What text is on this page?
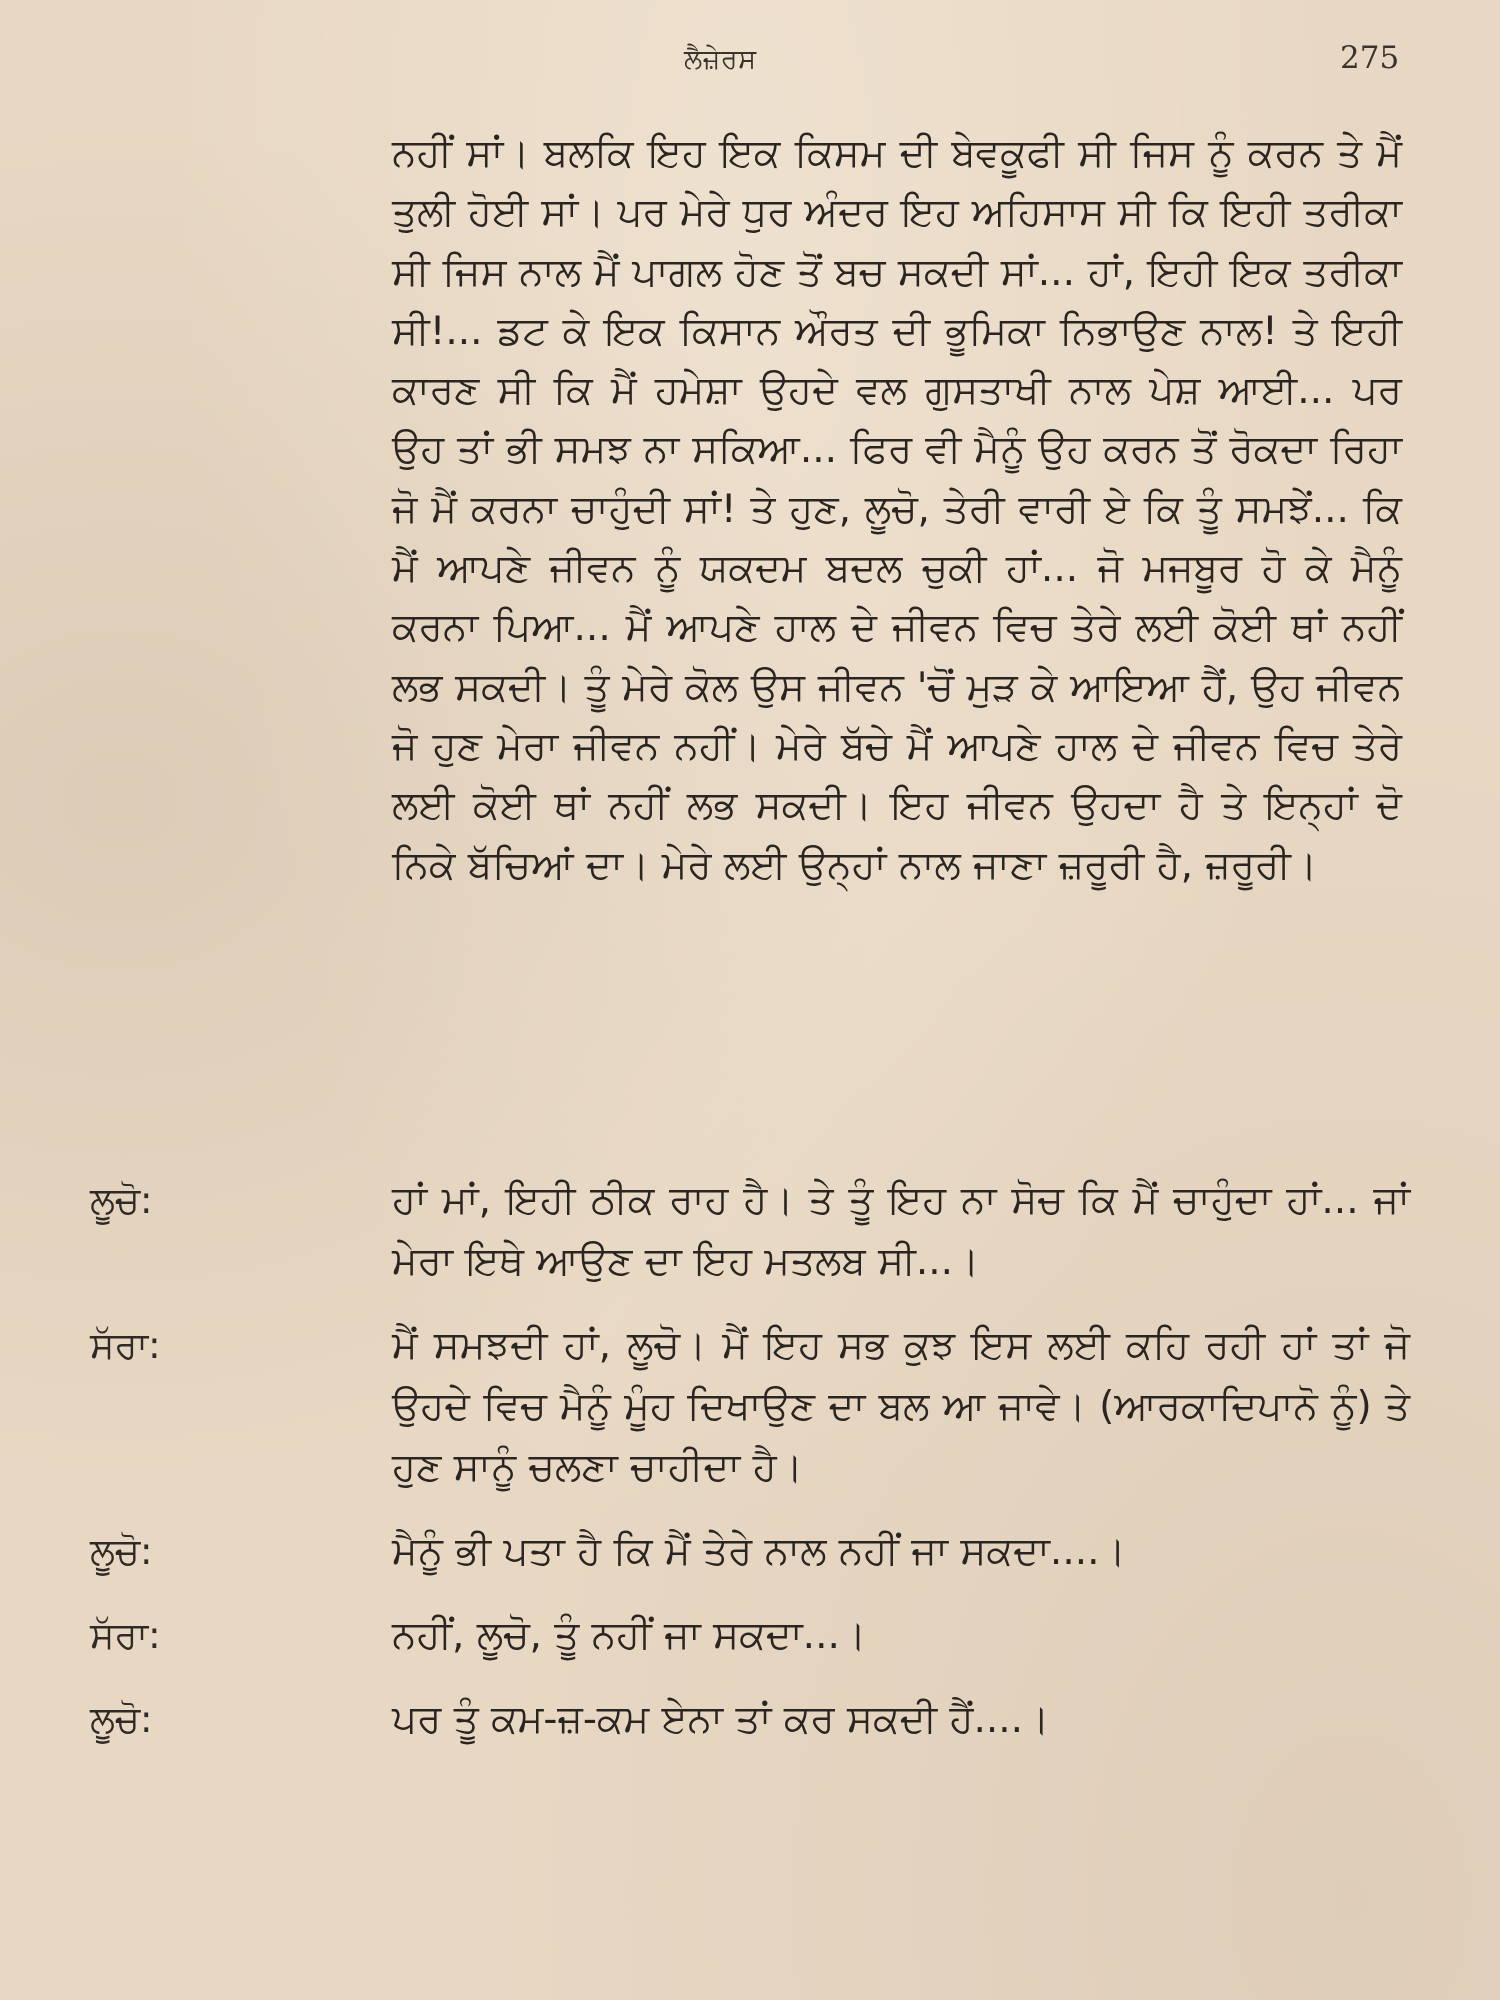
ਲੈਜ਼ੇਰਸ	275
ਨਹੀਂ ਸਾਂ। ਬਲਕਿ ਇਹ ਇਕ ਕਿਸਮ ਦੀ ਬੇਵਕੂਫੀ ਸੀ ਜਿਸ ਨੂੰ ਕਰਨ ਤੇ ਮੈਂ ਤੁਲੀ ਹੋਈ ਸਾਂ। ਪਰ ਮੇਰੇ ਧੁਰ ਅੰਦਰ ਇਹ ਅਹਿਸਾਸ ਸੀ ਕਿ ਇਹੀ ਤਰੀਕਾ ਸੀ ਜਿਸ ਨਾਲ ਮੈਂ ਪਾਗਲ ਹੋਣ ਤੋਂ ਬਚ ਸਕਦੀ ਸਾਂ... ਹਾਂ, ਇਹੀ ਇਕ ਤਰੀਕਾ ਸੀ!... ਡਟ ਕੇ ਇਕ ਕਿਸਾਨ ਔਰਤ ਦੀ ਭੂਮਿਕਾ ਨਿਭਾਉਣ ਨਾਲ! ਤੇ ਇਹੀ ਕਾਰਣ ਸੀ ਕਿ ਮੈਂ ਹਮੇਸ਼ਾ ਉਹਦੇ ਵਲ ਗੁਸਤਾਖੀ ਨਾਲ ਪੇਸ਼ ਆਈ... ਪਰ ਉਹ ਤਾਂ ਭੀ ਸਮਝ ਨਾ ਸਕਿਆ... ਫਿਰ ਵੀ ਮੈਨੂੰ ਉਹ ਕਰਨ ਤੋਂ ਰੋਕਦਾ ਰਿਹਾ ਜੋ ਮੈਂ ਕਰਨਾ ਚਾਹੁੰਦੀ ਸਾਂ! ਤੇ ਹੁਣ, ਲੂਚੋ, ਤੇਰੀ ਵਾਰੀ ਏ ਕਿ ਤੂੰ ਸਮਝੇਂ... ਕਿ ਮੈਂ ਆਪਣੇ ਜੀਵਨ ਨੂੰ ਯਕਦਮ ਬਦਲ ਚੁਕੀ ਹਾਂ... ਜੋ ਮਜਬੂਰ ਹੋ ਕੇ ਮੈਨੂੰ ਕਰਨਾ ਪਿਆ... ਮੈਂ ਆਪਣੇ ਹਾਲ ਦੇ ਜੀਵਨ ਵਿਚ ਤੇਰੇ ਲਈ ਕੋਈ ਥਾਂ ਨਹੀਂ ਲਭ ਸਕਦੀ। ਤੂੰ ਮੇਰੇ ਕੋਲ ਉਸ ਜੀਵਨ 'ਚੋਂ ਮੁੜ ਕੇ ਆਇਆ ਹੈਂ, ਉਹ ਜੀਵਨ ਜੋ ਹੁਣ ਮੇਰਾ ਜੀਵਨ ਨਹੀਂ। ਮੇਰੇ ਬੱਚੇ ਮੈਂ ਆਪਣੇ ਹਾਲ ਦੇ ਜੀਵਨ ਵਿਚ ਤੇਰੇ ਲਈ ਕੋਈ ਥਾਂ ਨਹੀਂ ਲਭ ਸਕਦੀ। ਇਹ ਜੀਵਨ ਉਹਦਾ ਹੈ ਤੇ ਇਨ੍ਹਾਂ ਦੋ ਨਿਕੇ ਬੱਚਿਆਂ ਦਾ। ਮੇਰੇ ਲਈ ਉਨ੍ਹਾਂ ਨਾਲ ਜਾਣਾ ਜ਼ਰੂਰੀ ਹੈ, ਜ਼ਰੂਰੀ।
ਲੂਚੋ:	ਹਾਂ ਮਾਂ, ਇਹੀ ਠੀਕ ਰਾਹ ਹੈ। ਤੇ ਤੂੰ ਇਹ ਨਾ ਸੋਚ ਕਿ ਮੈਂ ਚਾਹੁੰਦਾ ਹਾਂ... ਜਾਂ ਮੇਰਾ ਇਥੇ ਆਉਣ ਦਾ ਇਹ ਮਤਲਬ ਸੀ...।
ਸੱਰਾ:	ਮੈਂ ਸਮਝਦੀ ਹਾਂ, ਲੂਚੋ। ਮੈਂ ਇਹ ਸਭ ਕੁਝ ਇਸ ਲਈ ਕਹਿ ਰਹੀ ਹਾਂ ਤਾਂ ਜੋ ਉਹਦੇ ਵਿਚ ਮੈਨੂੰ ਮੂੰਹ ਦਿਖਾਉਣ ਦਾ ਬਲ ਆ ਜਾਵੇ। (ਆਰਕਾਦਿਪਾਨੋ ਨੂੰ) ਤੇ ਹੁਣ ਸਾਨੂੰ ਚਲਣਾ ਚਾਹੀਦਾ ਹੈ।
ਲੂਚੋ:	ਮੈਨੂੰ ਭੀ ਪਤਾ ਹੈ ਕਿ ਮੈਂ ਤੇਰੇ ਨਾਲ ਨਹੀਂ ਜਾ ਸਕਦਾ....।
ਸੱਰਾ:	ਨਹੀਂ, ਲੂਚੋ, ਤੂੰ ਨਹੀਂ ਜਾ ਸਕਦਾ...।
ਲੂਚੋ:	ਪਰ ਤੂੰ ਕਮ-ਜ਼-ਕਮ ਏਨਾ ਤਾਂ ਕਰ ਸਕਦੀ ਹੈਂ....।
